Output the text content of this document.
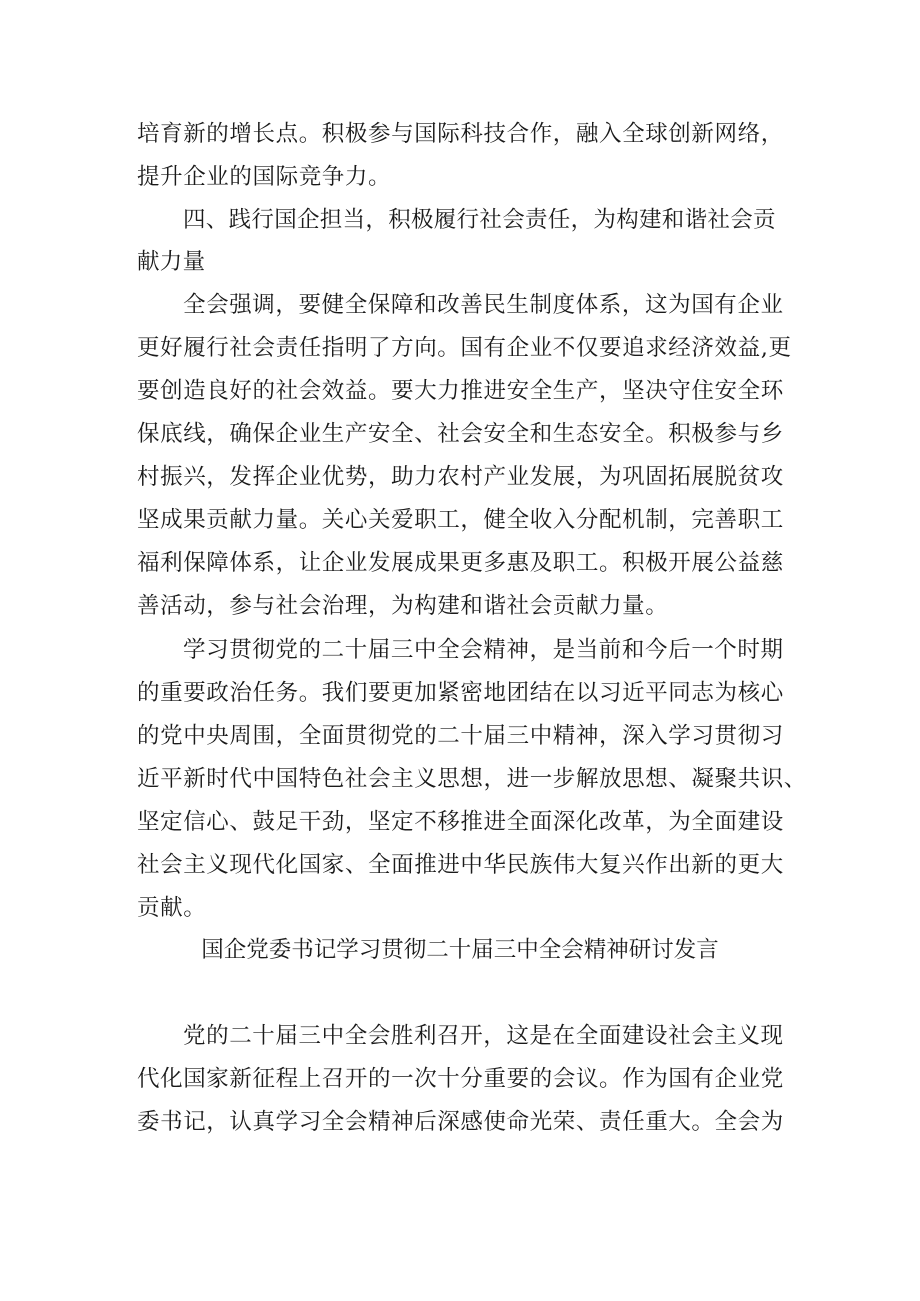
培育新的增长点。积极参与国际科技合作，融入全球创新网络，
提升企业的国际竞争力。
四、践行国企担当，积极履行社会责任，为构建和谐社会贡
献力量
全会强调，要健全保障和改善民生制度体系，这为国有企业
更好履行社会责任指明了方向。国有企业不仅要追求经济效益,更
要创造良好的社会效益。要大力推进安全生产，坚决守住安全环
保底线，确保企业生产安全、社会安全和生态安全。积极参与乡
村振兴，发挥企业优势，助力农村产业发展，为巩固拓展脱贫攻
坚成果贡献力量。关心关爱职工，健全收入分配机制，完善职工
福利保障体系，让企业发展成果更多惠及职工。积极开展公益慈
善活动，参与社会治理，为构建和谐社会贡献力量。
学习贯彻党的二十届三中全会精神，是当前和今后一个时期
的重要政治任务。我们要更加紧密地团结在以习近平同志为核心
的党中央周围，全面贯彻党的二十届三中精神，深入学习贯彻习
近平新时代中国特色社会主义思想，进一步解放思想、凝聚共识、
坚定信心、鼓足干劲，坚定不移推进全面深化改革，为全面建设
社会主义现代化国家、全面推进中华民族伟大复兴作出新的更大
贡献。
国企党委书记学习贯彻二十届三中全会精神研讨发言
党的二十届三中全会胜利召开，这是在全面建设社会主义现
代化国家新征程上召开的一次十分重要的会议。作为国有企业党
委书记，认真学习全会精神后深感使命光荣、责任重大。全会为
